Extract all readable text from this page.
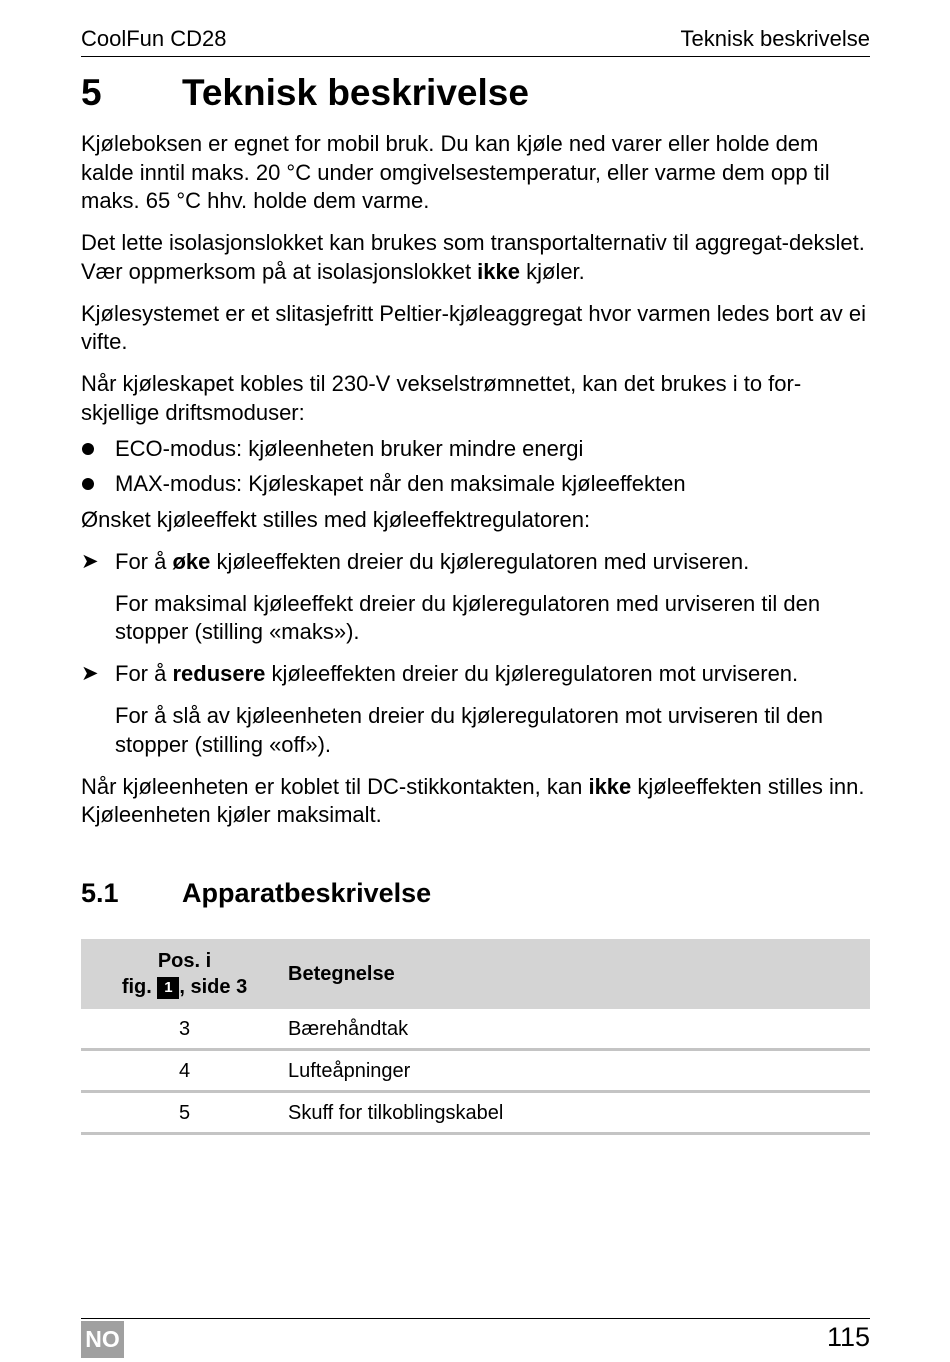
CoolFun CD28	Teknisk beskrivelse
5 Teknisk beskrivelse

Kjøleboksen er egnet for mobil bruk. Du kan kjøle ned varer eller holde dem kalde inntil maks. 20 °C under omgivelsestemperatur, eller varme dem opp til maks. 65 °C hhv. holde dem varme.

Det lette isolasjonslokket kan brukes som transportalternativ til aggregat-dekslet. Vær oppmerksom på at isolasjonslokket ikke kjøler.

Kjølesystemet er et slitasjefritt Peltier-kjøleaggregat hvor varmen ledes bort av ei vifte.

Når kjøleskapet kobles til 230-V vekselstrømnettet, kan det brukes i to for-skjellige driftsmoduser:

ECO-modus: kjøleenheten bruker mindre energi
MAX-modus: Kjøleskapet når den maksimale kjøleeffekten

Ønsket kjøleeffekt stilles med kjøleeffektregulatoren:

➤ For å øke kjøleeffekten dreier du kjøleregulatoren med urviseren.

For maksimal kjøleeffekt dreier du kjøleregulatoren med urviseren til den stopper (stilling «maks»).

➤ For å redusere kjøleeffekten dreier du kjøleregulatoren mot urviseren.

For å slå av kjøleenheten dreier du kjøleregulatoren mot urviseren til den stopper (stilling «off»).

Når kjøleenheten er koblet til DC-stikkontakten, kan ikke kjøleeffekten stilles inn. Kjøleenheten kjøler maksimalt.

5.1 Apparatbeskrivelse
Pos. i
fig. 1 , side 3	Betegnelse
3	Bærehåndtak
4	Lufteåpninger
5	Skuff for tilkoblingskabel
NO	115
